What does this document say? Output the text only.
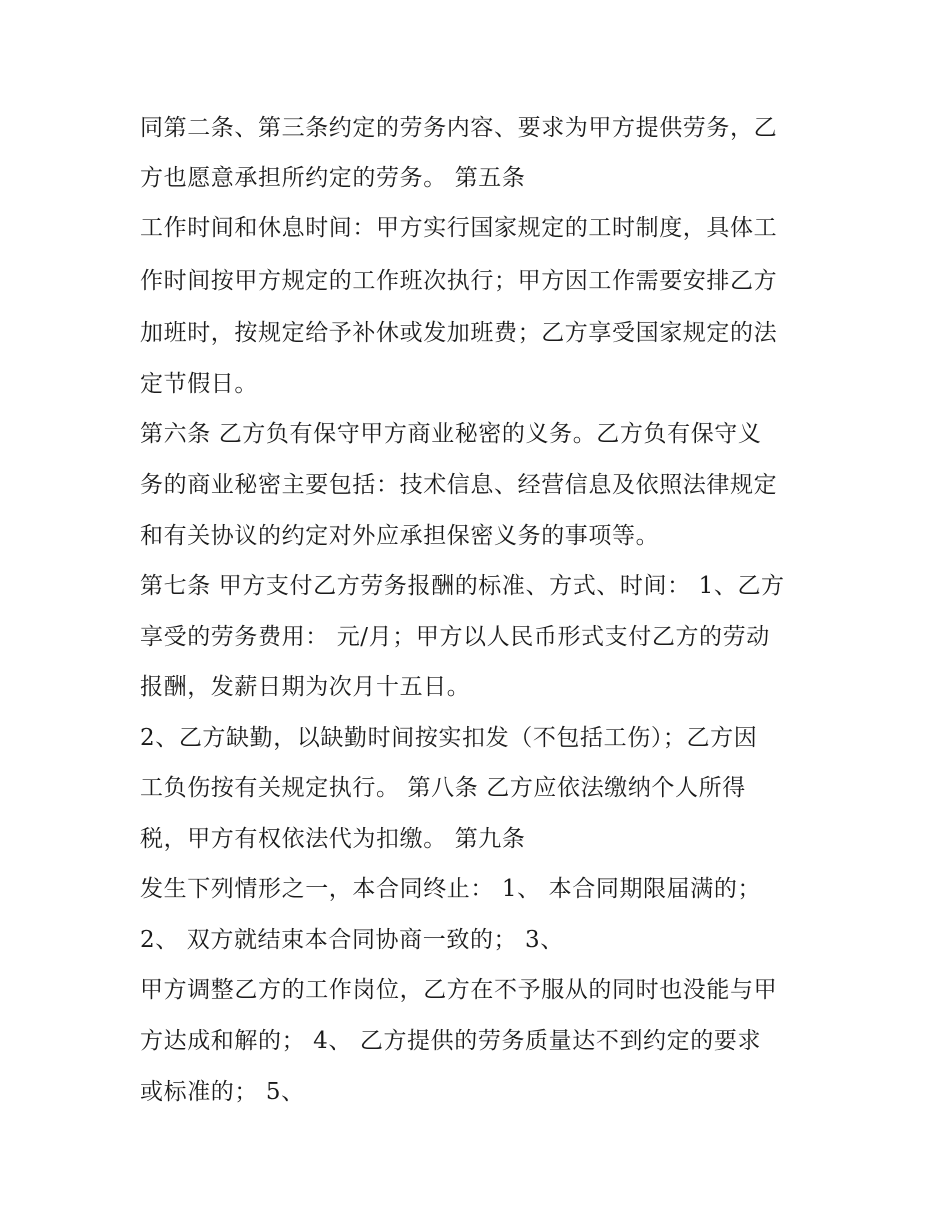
同第二条、第三条约定的劳务内容、要求为甲方提供劳务，乙
方也愿意承担所约定的劳务。 第五条
工作时间和休息时间：甲方实行国家规定的工时制度，具体工
作时间按甲方规定的工作班次执行；甲方因工作需要安排乙方
加班时，按规定给予补休或发加班费；乙方享受国家规定的法
定节假日。
第六条 乙方负有保守甲方商业秘密的义务。乙方负有保守义
务的商业秘密主要包括：技术信息、经营信息及依照法律规定
和有关协议的约定对外应承担保密义务的事项等。
第七条 甲方支付乙方劳务报酬的标准、方式、时间： 1、乙方
享受的劳务费用： 元/月；甲方以人民币形式支付乙方的劳动
报酬，发薪日期为次月十五日。
2、乙方缺勤，以缺勤时间按实扣发（不包括工伤）；乙方因
工负伤按有关规定执行。 第八条 乙方应依法缴纳个人所得
税，甲方有权依法代为扣缴。 第九条
发生下列情形之一，本合同终止： 1、 本合同期限届满的；
2、 双方就结束本合同协商一致的； 3、
甲方调整乙方的工作岗位，乙方在不予服从的同时也没能与甲
方达成和解的； 4、 乙方提供的劳务质量达不到约定的要求
或标准的； 5、
